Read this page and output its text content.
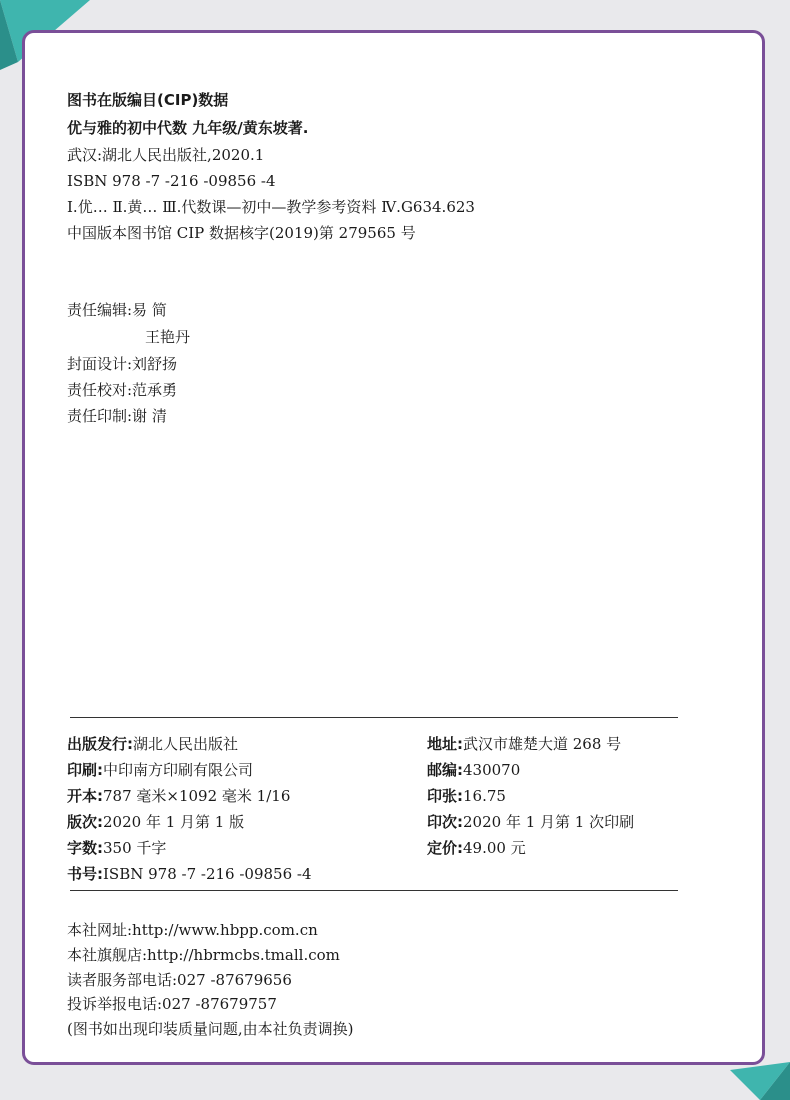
图书在版编目(CIP)数据
优与雅的初中代数 九年级/黄东坡著.
武汉:湖北人民出版社,2020.1
ISBN 978 -7 -216 -09856 -4
Ⅰ.优… Ⅱ.黄… Ⅲ.代数课—初中—教学参考资料 Ⅳ.G634.623
中国版本图书馆 CIP 数据核字(2019)第 279565 号
责任编辑:易 简
王艳丹
封面设计:刘舒扬
责任校对:范承勇
责任印制:谢 清
出版发行:湖北人民出版社	地址:武汉市雄楚大道 268 号
印刷:中印南方印刷有限公司	邮编:430070
开本:787 毫米×1092 毫米 1/16	印张:16.75
版次:2020 年 1 月第 1 版	印次:2020 年 1 月第 1 次印刷
字数:350 千字	定价:49.00 元
书号:ISBN 978 -7 -216 -09856 -4
本社网址:http://www.hbpp.com.cn
本社旗舰店:http://hbrmcbs.tmall.com
读者服务部电话:027 -87679656
投诉举报电话:027 -87679757
(图书如出现印装质量问题,由本社负责调换)
